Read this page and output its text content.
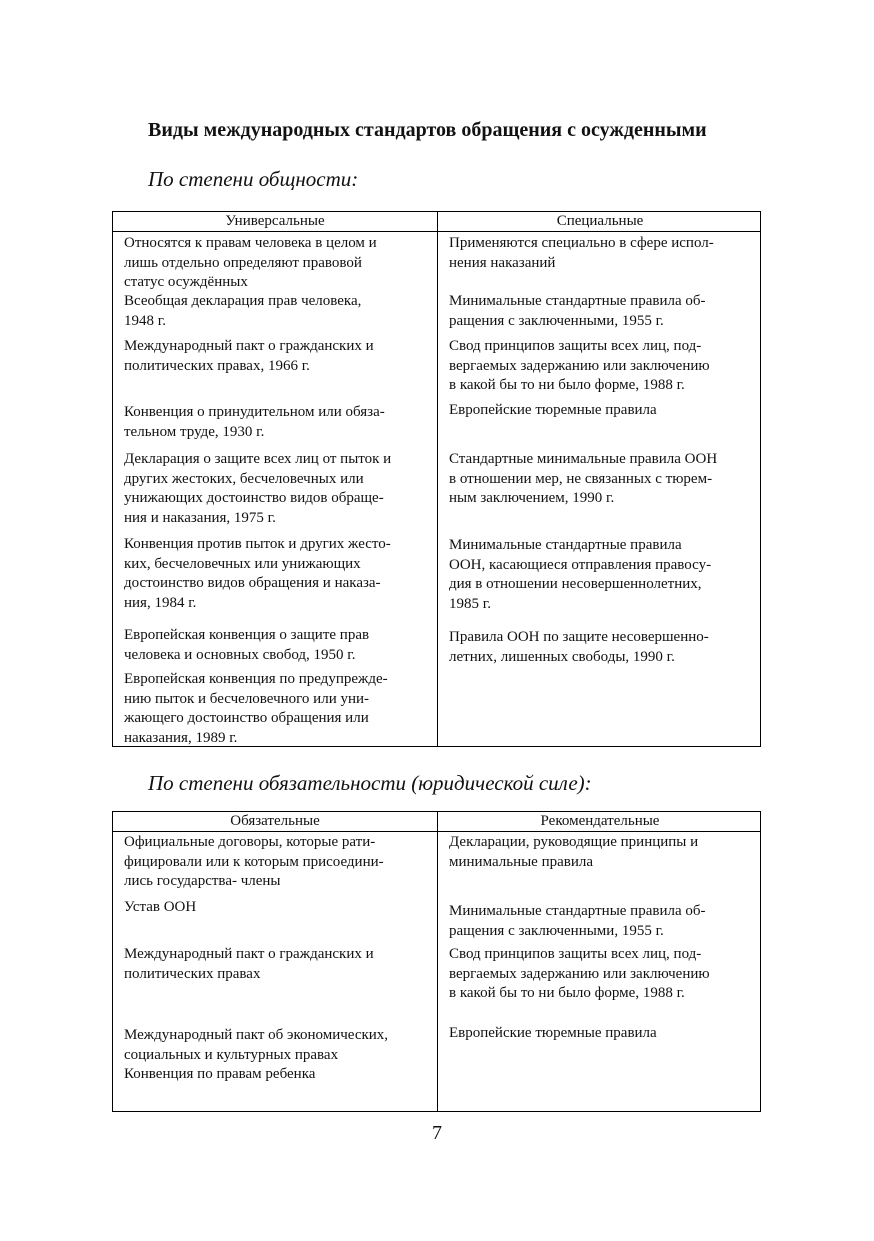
Виды международных стандартов обращения с осужденными

По степени общности:

Универсальные	Специальные
Относятся к правам человека в целом и
лишь отдельно определяют правовой
статус осуждённых
Всеобщая декларация прав человека,
1948 г.
Международный пакт о гражданских и
политических правах, 1966 г.
Конвенция о принудительном или обяза-
тельном труде, 1930 г.
Декларация о защите всех лиц от пыток и
других жестоких, бесчеловечных или
унижающих достоинство видов обраще-
ния и наказания, 1975 г.
Конвенция против пыток и других жесто-
ких, бесчеловечных или унижающих
достоинство видов обращения и наказа-
ния, 1984 г.
Европейская конвенция о защите прав
человека и основных свобод, 1950 г.
Европейская конвенция по предупрежде-
нию пыток и бесчеловечного или уни-
жающего достоинство обращения или
наказания, 1989 г.
Применяются специально в сфере испол-
нения наказаний
Минимальные стандартные правила об-
ращения с заключенными, 1955 г.
Свод принципов защиты всех лиц, под-
вергаемых задержанию или заключению
в какой бы то ни было форме, 1988 г.
Европейские тюремные правила
Стандартные минимальные правила ООН
в отношении мер, не связанных с тюрем-
ным заключением, 1990 г.
Минимальные стандартные правила
ООН, касающиеся отправления правосу-
дия в отношении несовершеннолетних,
1985 г.
Правила ООН по защите несовершенно-
летних, лишенных свободы, 1990 г.

По степени обязательности (юридической силе):

Обязательные	Рекомендательные
Официальные договоры, которые рати-
фицировали или к которым присоедини-
лись государства- члены
Устав ООН
Международный пакт о гражданских и
политических правах
Международный пакт об экономических,
социальных и культурных правах
Конвенция по правам ребенка
Декларации, руководящие принципы и
минимальные правила
Минимальные стандартные правила об-
ращения с заключенными, 1955 г.
Свод принципов защиты всех лиц, под-
вергаемых задержанию или заключению
в какой бы то ни было форме, 1988 г.
Европейские тюремные правила
7
